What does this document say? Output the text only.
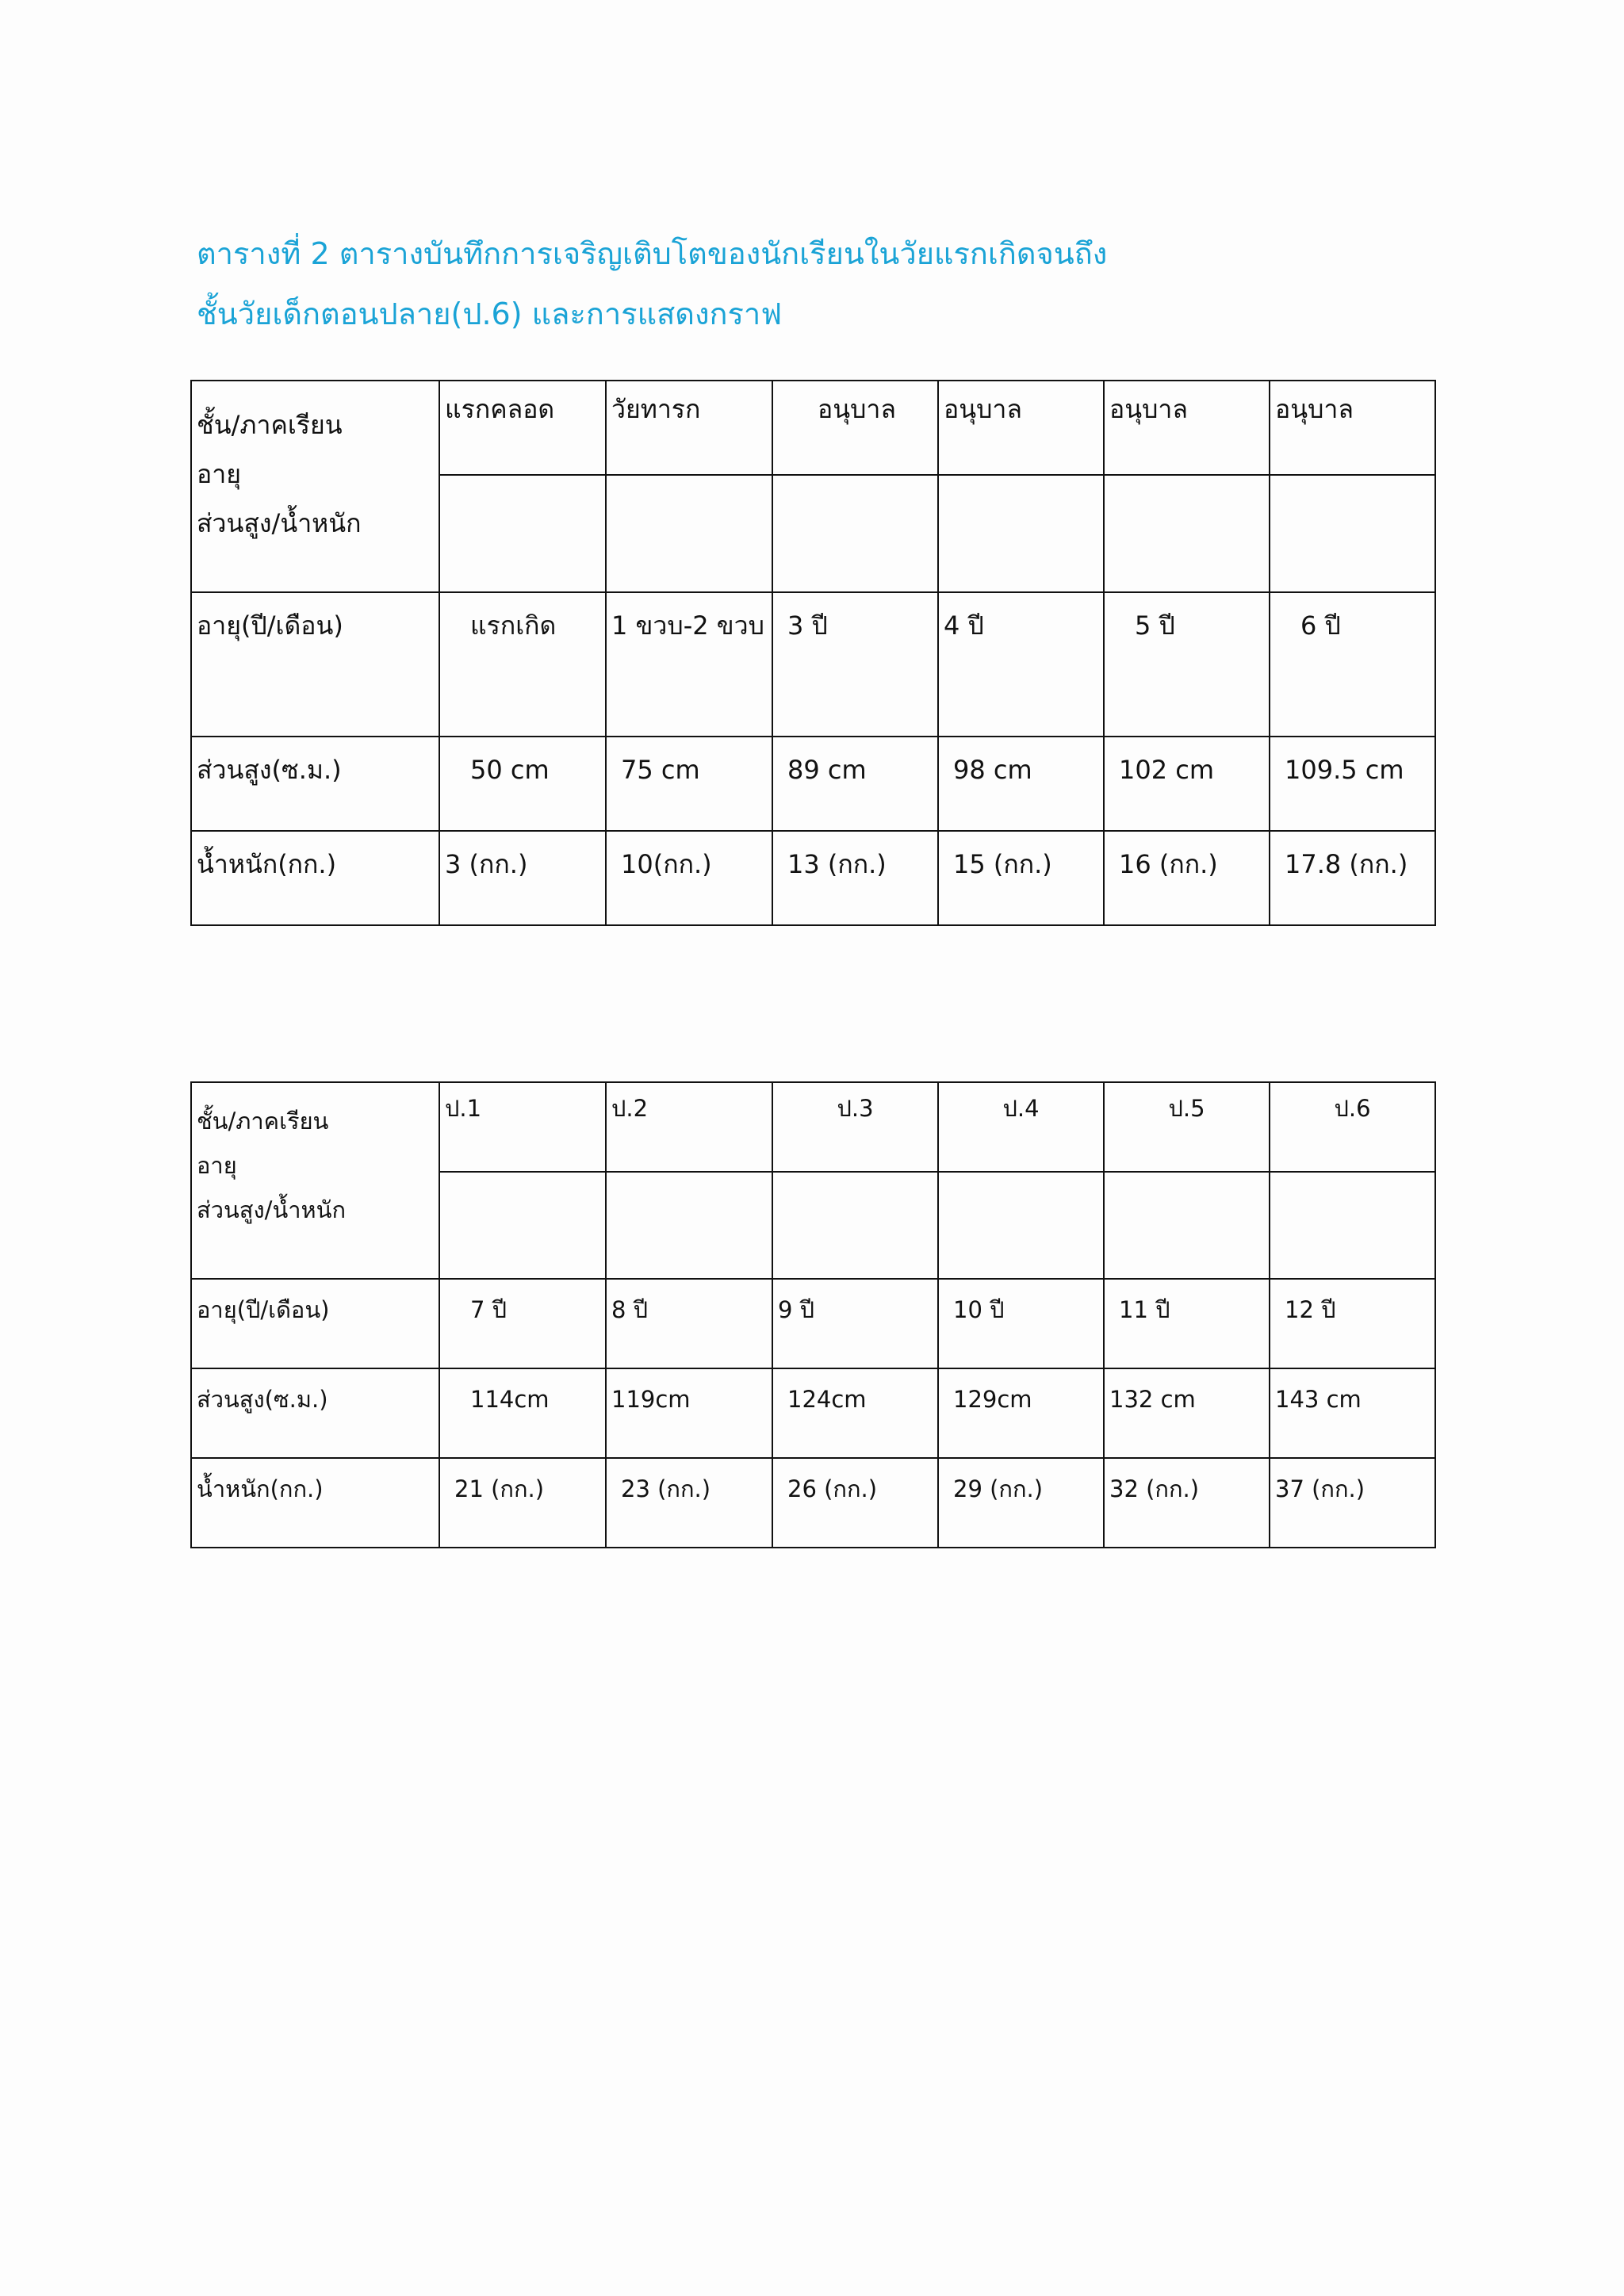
ตารางที่ 2 ตารางบันทึกการเจริญเติบโตของนักเรียนในวัยแรกเกิดจนถึง
ชั้นวัยเด็กตอนปลาย(ป.6) และการแสดงกราฟ
ชั้น/ภาคเรียน
อายุ
ส่วนสูง/น้ำหนัก	แรกคลอด	วัยทารก	อนุบาล	อนุบาล	อนุบาล	อนุบาล

อายุ(ปี/เดือน)	แรกเกิด	1 ขวบ-2 ขวบ	3 ปี	4 ปี	5 ปี	6 ปี
ส่วนสูง(ซ.ม.)	50 cm	75 cm	89 cm	98 cm	102 cm	109.5 cm
น้ำหนัก(กก.)	3 (กก.)	10(กก.)	13 (กก.)	15 (กก.)	16 (กก.)	17.8 (กก.)
ชั้น/ภาคเรียน
อายุ
ส่วนสูง/น้ำหนัก	ป.1	ป.2	ป.3	ป.4	ป.5	ป.6

อายุ(ปี/เดือน)	7 ปี	8 ปี	9 ปี	10 ปี	11 ปี	12 ปี
ส่วนสูง(ซ.ม.)	114cm	119cm	124cm	129cm	132 cm	143 cm
น้ำหนัก(กก.)	21 (กก.)	23 (กก.)	26 (กก.)	29 (กก.)	32 (กก.)	37 (กก.)
